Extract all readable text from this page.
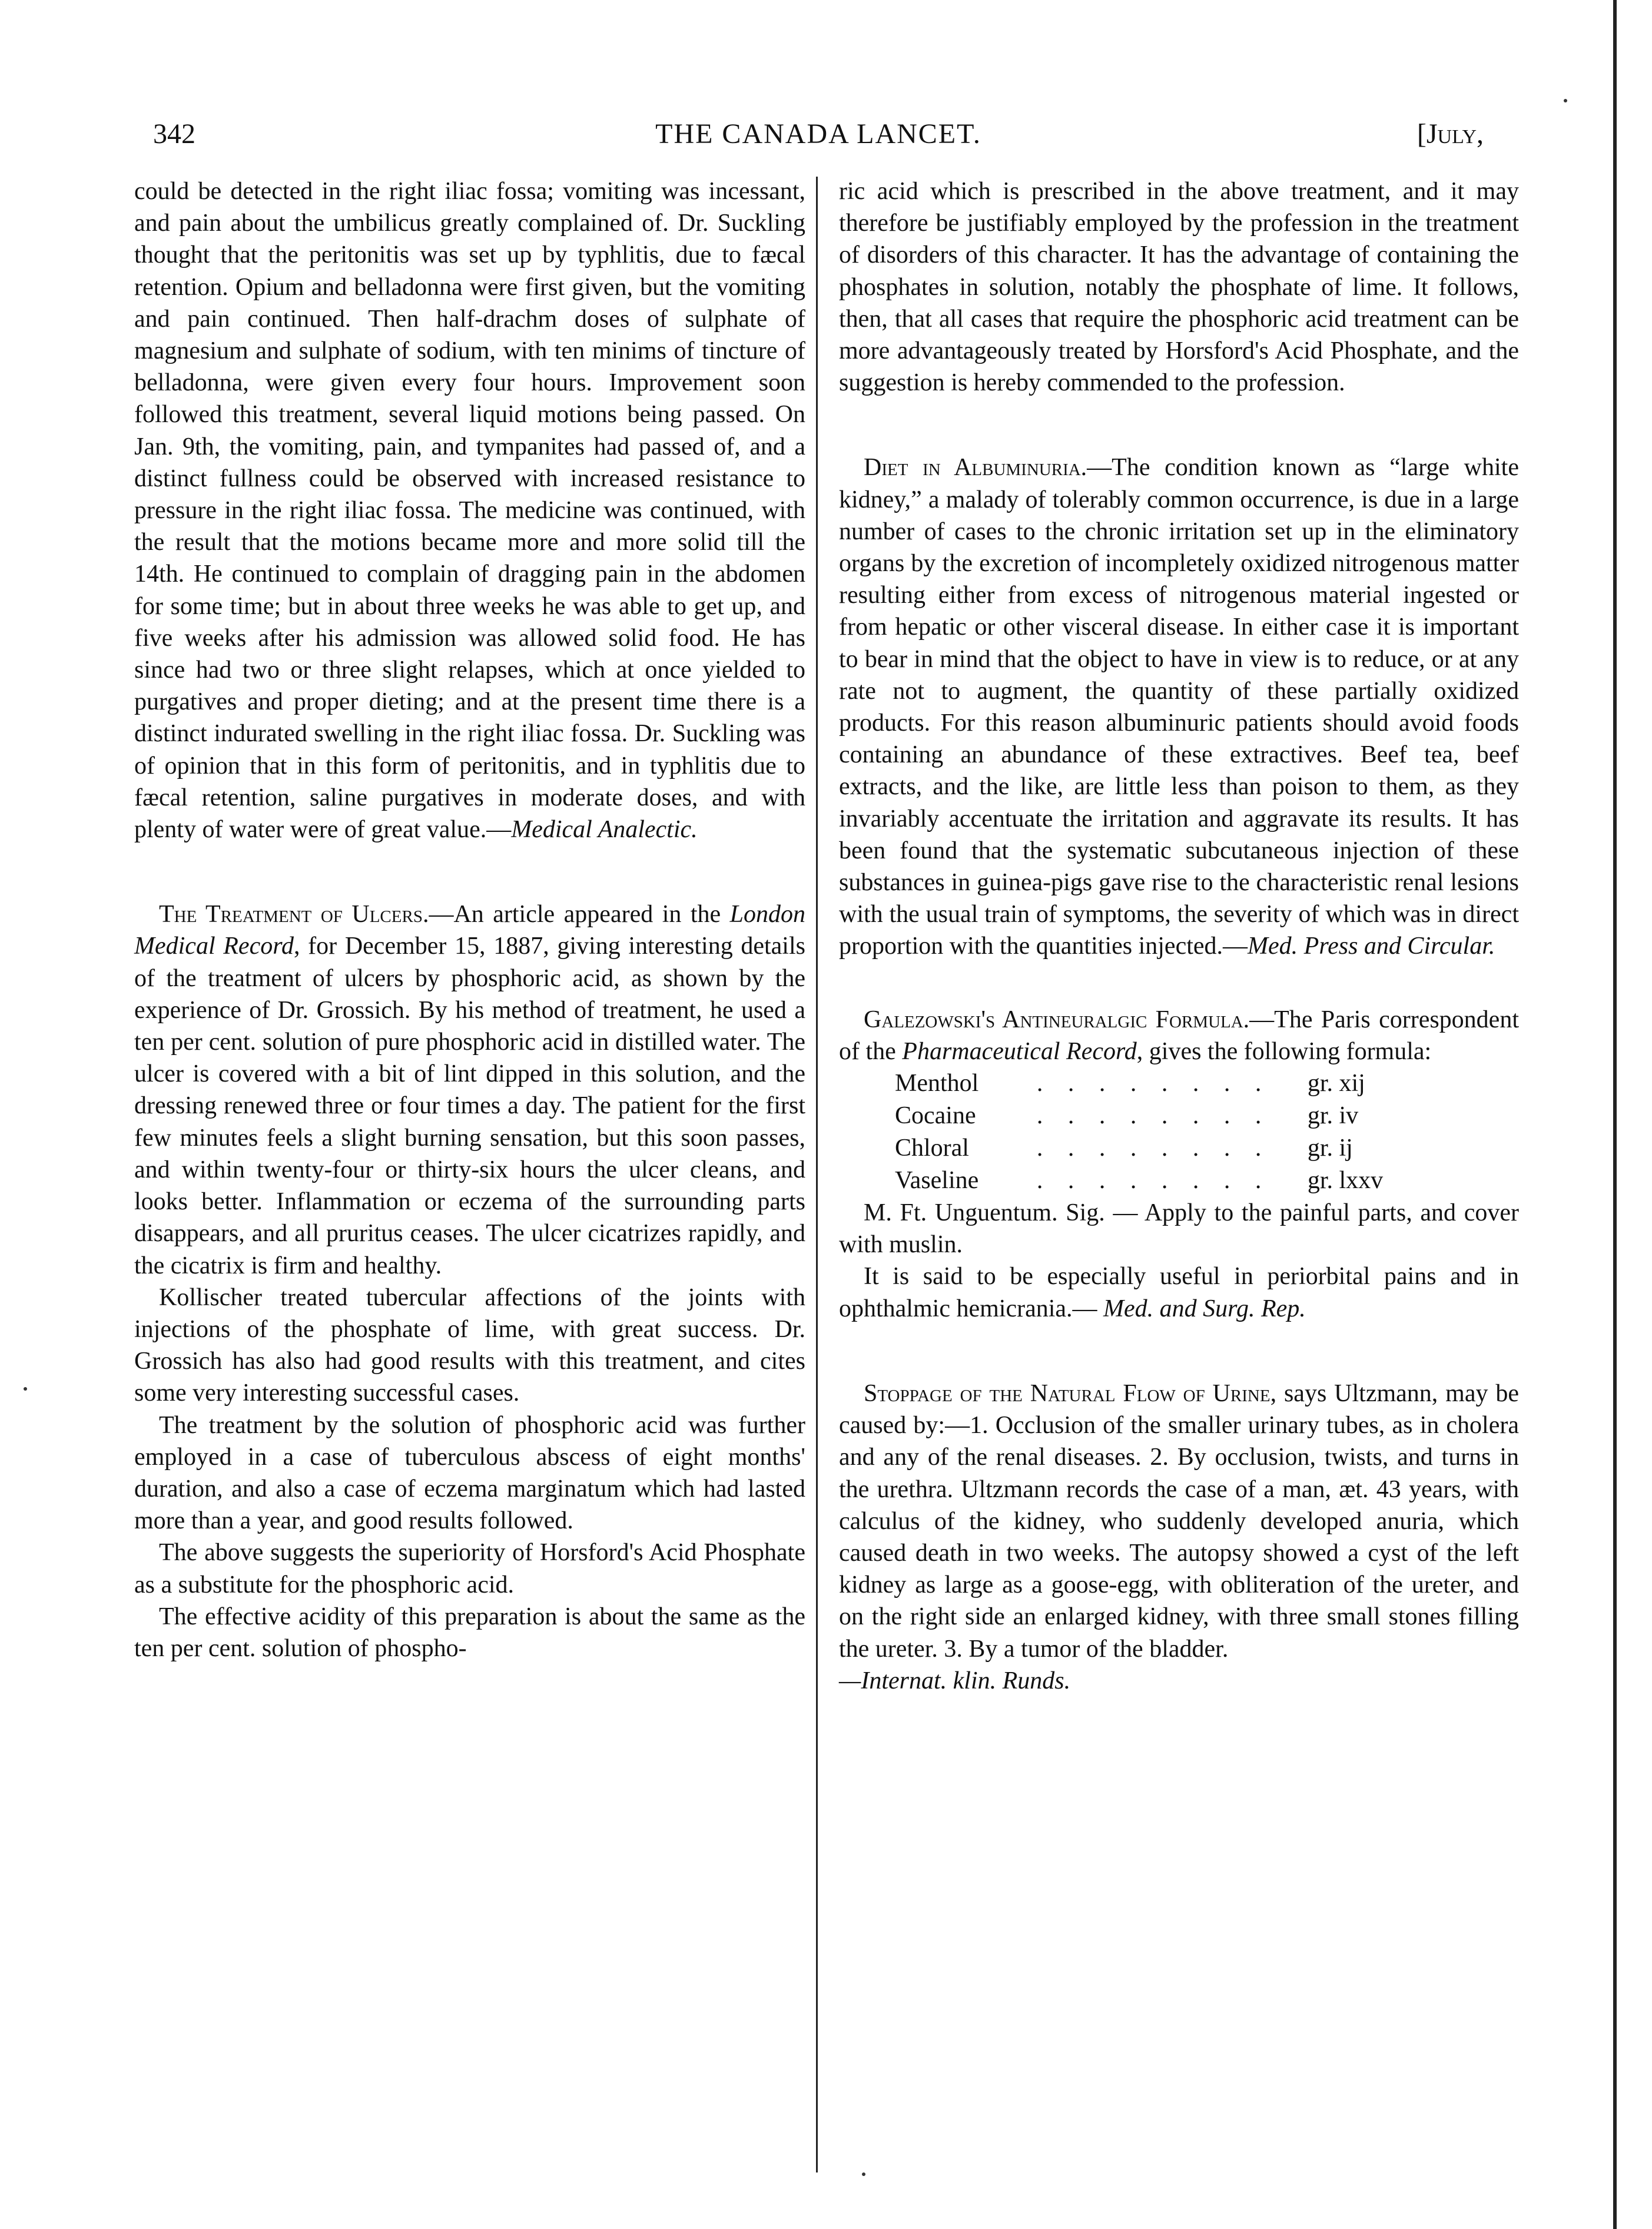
342	THE CANADA LANCET.	[July,

could be detected in the right iliac fossa; vomiting was incessant, and pain about the umbilicus greatly complained of. Dr. Suckling thought that the peritonitis was set up by typhlitis, due to fæcal retention. Opium and belladonna were first given, but the vomiting and pain continued. Then half-drachm doses of sulphate of magnesium and sulphate of sodium, with ten minims of tincture of belladonna, were given every four hours. Improvement soon followed this treatment, several liquid motions being passed. On Jan. 9th, the vomiting, pain, and tympanites had passed of, and a distinct fullness could be observed with increased resistance to pressure in the right iliac fossa. The medicine was continued, with the result that the motions became more and more solid till the 14th. He continued to complain of dragging pain in the abdomen for some time; but in about three weeks he was able to get up, and five weeks after his admission was allowed solid food. He has since had two or three slight relapses, which at once yielded to purgatives and proper dieting; and at the present time there is a distinct indurated swelling in the right iliac fossa. Dr. Suckling was of opinion that in this form of peritonitis, and in typhlitis due to fæcal retention, saline purgatives in moderate doses, and with plenty of water were of great value.—Medical Analectic.

The Treatment of Ulcers.—An article appeared in the London Medical Record, for December 15, 1887, giving interesting details of the treatment of ulcers by phosphoric acid, as shown by the experience of Dr. Grossich. By his method of treatment, he used a ten per cent. solution of pure phosphoric acid in distilled water. The ulcer is covered with a bit of lint dipped in this solution, and the dressing renewed three or four times a day. The patient for the first few minutes feels a slight burning sensation, but this soon passes, and within twenty-four or thirty-six hours the ulcer cleans, and looks better. Inflammation or eczema of the surrounding parts disappears, and all pruritus ceases. The ulcer cicatrizes rapidly, and the cicatrix is firm and healthy.

Kollischer treated tubercular affections of the joints with injections of the phosphate of lime, with great success. Dr. Grossich has also had good results with this treatment, and cites some very interesting successful cases.

The treatment by the solution of phosphoric acid was further employed in a case of tuberculous abscess of eight months' duration, and also a case of eczema marginatum which had lasted more than a year, and good results followed.

The above suggests the superiority of Horsford's Acid Phosphate as a substitute for the phosphoric acid.

The effective acidity of this preparation is about the same as the ten per cent. solution of phospho-

ric acid which is prescribed in the above treatment, and it may therefore be justifiably employed by the profession in the treatment of disorders of this character. It has the advantage of containing the phosphates in solution, notably the phosphate of lime. It follows, then, that all cases that require the phosphoric acid treatment can be more advantageously treated by Horsford's Acid Phosphate, and the suggestion is hereby commended to the profession.

Diet in Albuminuria.—The condition known as “large white kidney,” a malady of tolerably common occurrence, is due in a large number of cases to the chronic irritation set up in the eliminatory organs by the excretion of incompletely oxidized nitrogenous matter resulting either from excess of nitrogenous material ingested or from hepatic or other visceral disease. In either case it is important to bear in mind that the object to have in view is to reduce, or at any rate not to augment, the quantity of these partially oxidized products. For this reason albuminuric patients should avoid foods containing an abundance of these extractives. Beef tea, beef extracts, and the like, are little less than poison to them, as they invariably accentuate the irritation and aggravate its results. It has been found that the systematic subcutaneous injection of these substances in guinea-pigs gave rise to the characteristic renal lesions with the usual train of symptoms, the severity of which was in direct proportion with the quantities injected.—Med. Press and Circular.

Galezowski's Antineuralgic Formula.—The Paris correspondent of the Pharmaceutical Record, gives the following formula:

Menthol	. . . . . . . .	gr. xij
Cocaine	. . . . . . . .	gr. iv
Chloral	. . . . . . . .	gr. ij
Vaseline	. . . . . . . .	gr. lxxv

M. Ft. Unguentum. Sig. — Apply to the painful parts, and cover with muslin.

It is said to be especially useful in periorbital pains and in ophthalmic hemicrania.— Med. and Surg. Rep.

Stoppage of the Natural Flow of Urine, says Ultzmann, may be caused by:—1. Occlusion of the smaller urinary tubes, as in cholera and any of the renal diseases. 2. By occlusion, twists, and turns in the urethra. Ultzmann records the case of a man, æt. 43 years, with calculus of the kidney, who suddenly developed anuria, which caused death in two weeks. The autopsy showed a cyst of the left kidney as large as a goose-egg, with obliteration of the ureter, and on the right side an enlarged kidney, with three small stones filling the ureter. 3. By a tumor of the bladder.

—Internat. klin. Runds.
